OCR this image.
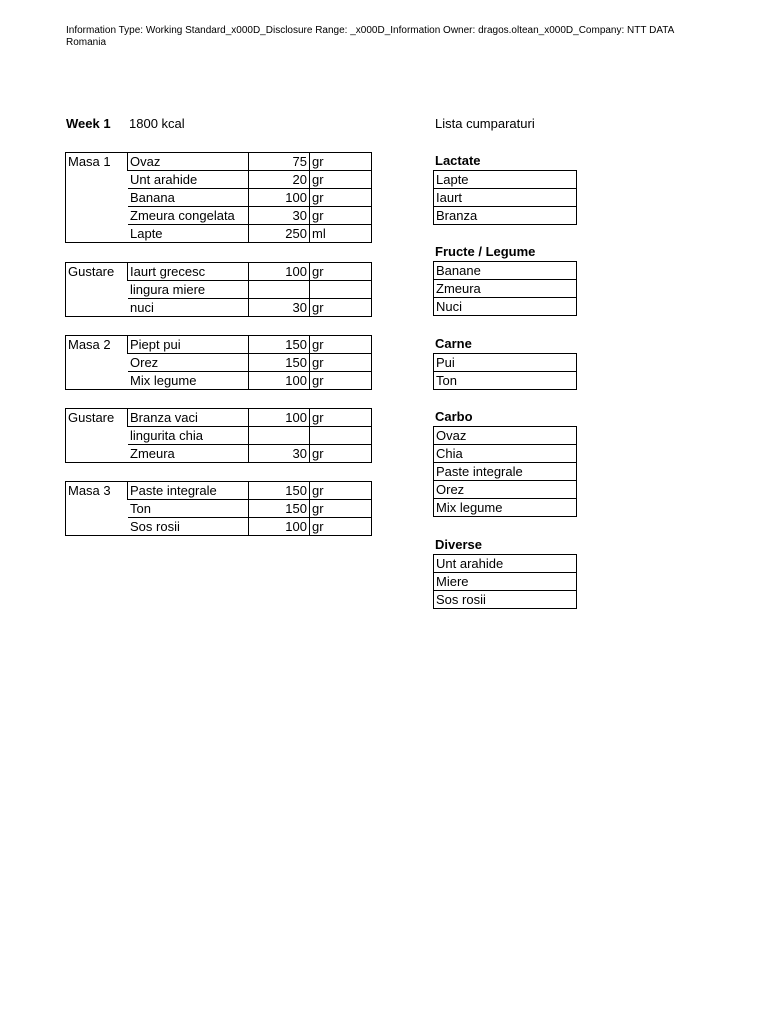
Information Type: Working Standard_x000D_Disclosure Range: _x000D_Information Owner: dragos.oltean_x000D_Company: NTT DATA Romania
Week 1 1800 kcal	Lista cumparaturi
Masa 1	Ovaz	75	gr
	Unt arahide	20	gr
	Banana	100	gr
	Zmeura congelata	30	gr
	Lapte	250	ml
Gustare	Iaurt grecesc	100	gr
	lingura miere		
	nuci	30	gr
Masa 2	Piept pui	150	gr
	Orez	150	gr
	Mix legume	100	gr
Gustare	Branza vaci	100	gr
	lingurita chia		
	Zmeura	30	gr
Masa 3	Paste integrale	150	gr
	Ton	150	gr
	Sos rosii	100	gr
Lactate
Lapte
Iaurt
Branza
Fructe / Legume
Banane
Zmeura
Nuci
Carne
Pui
Ton
Carbo
Ovaz
Chia
Paste integrale
Orez
Mix legume
Diverse
Unt arahide
Miere
Sos rosii
